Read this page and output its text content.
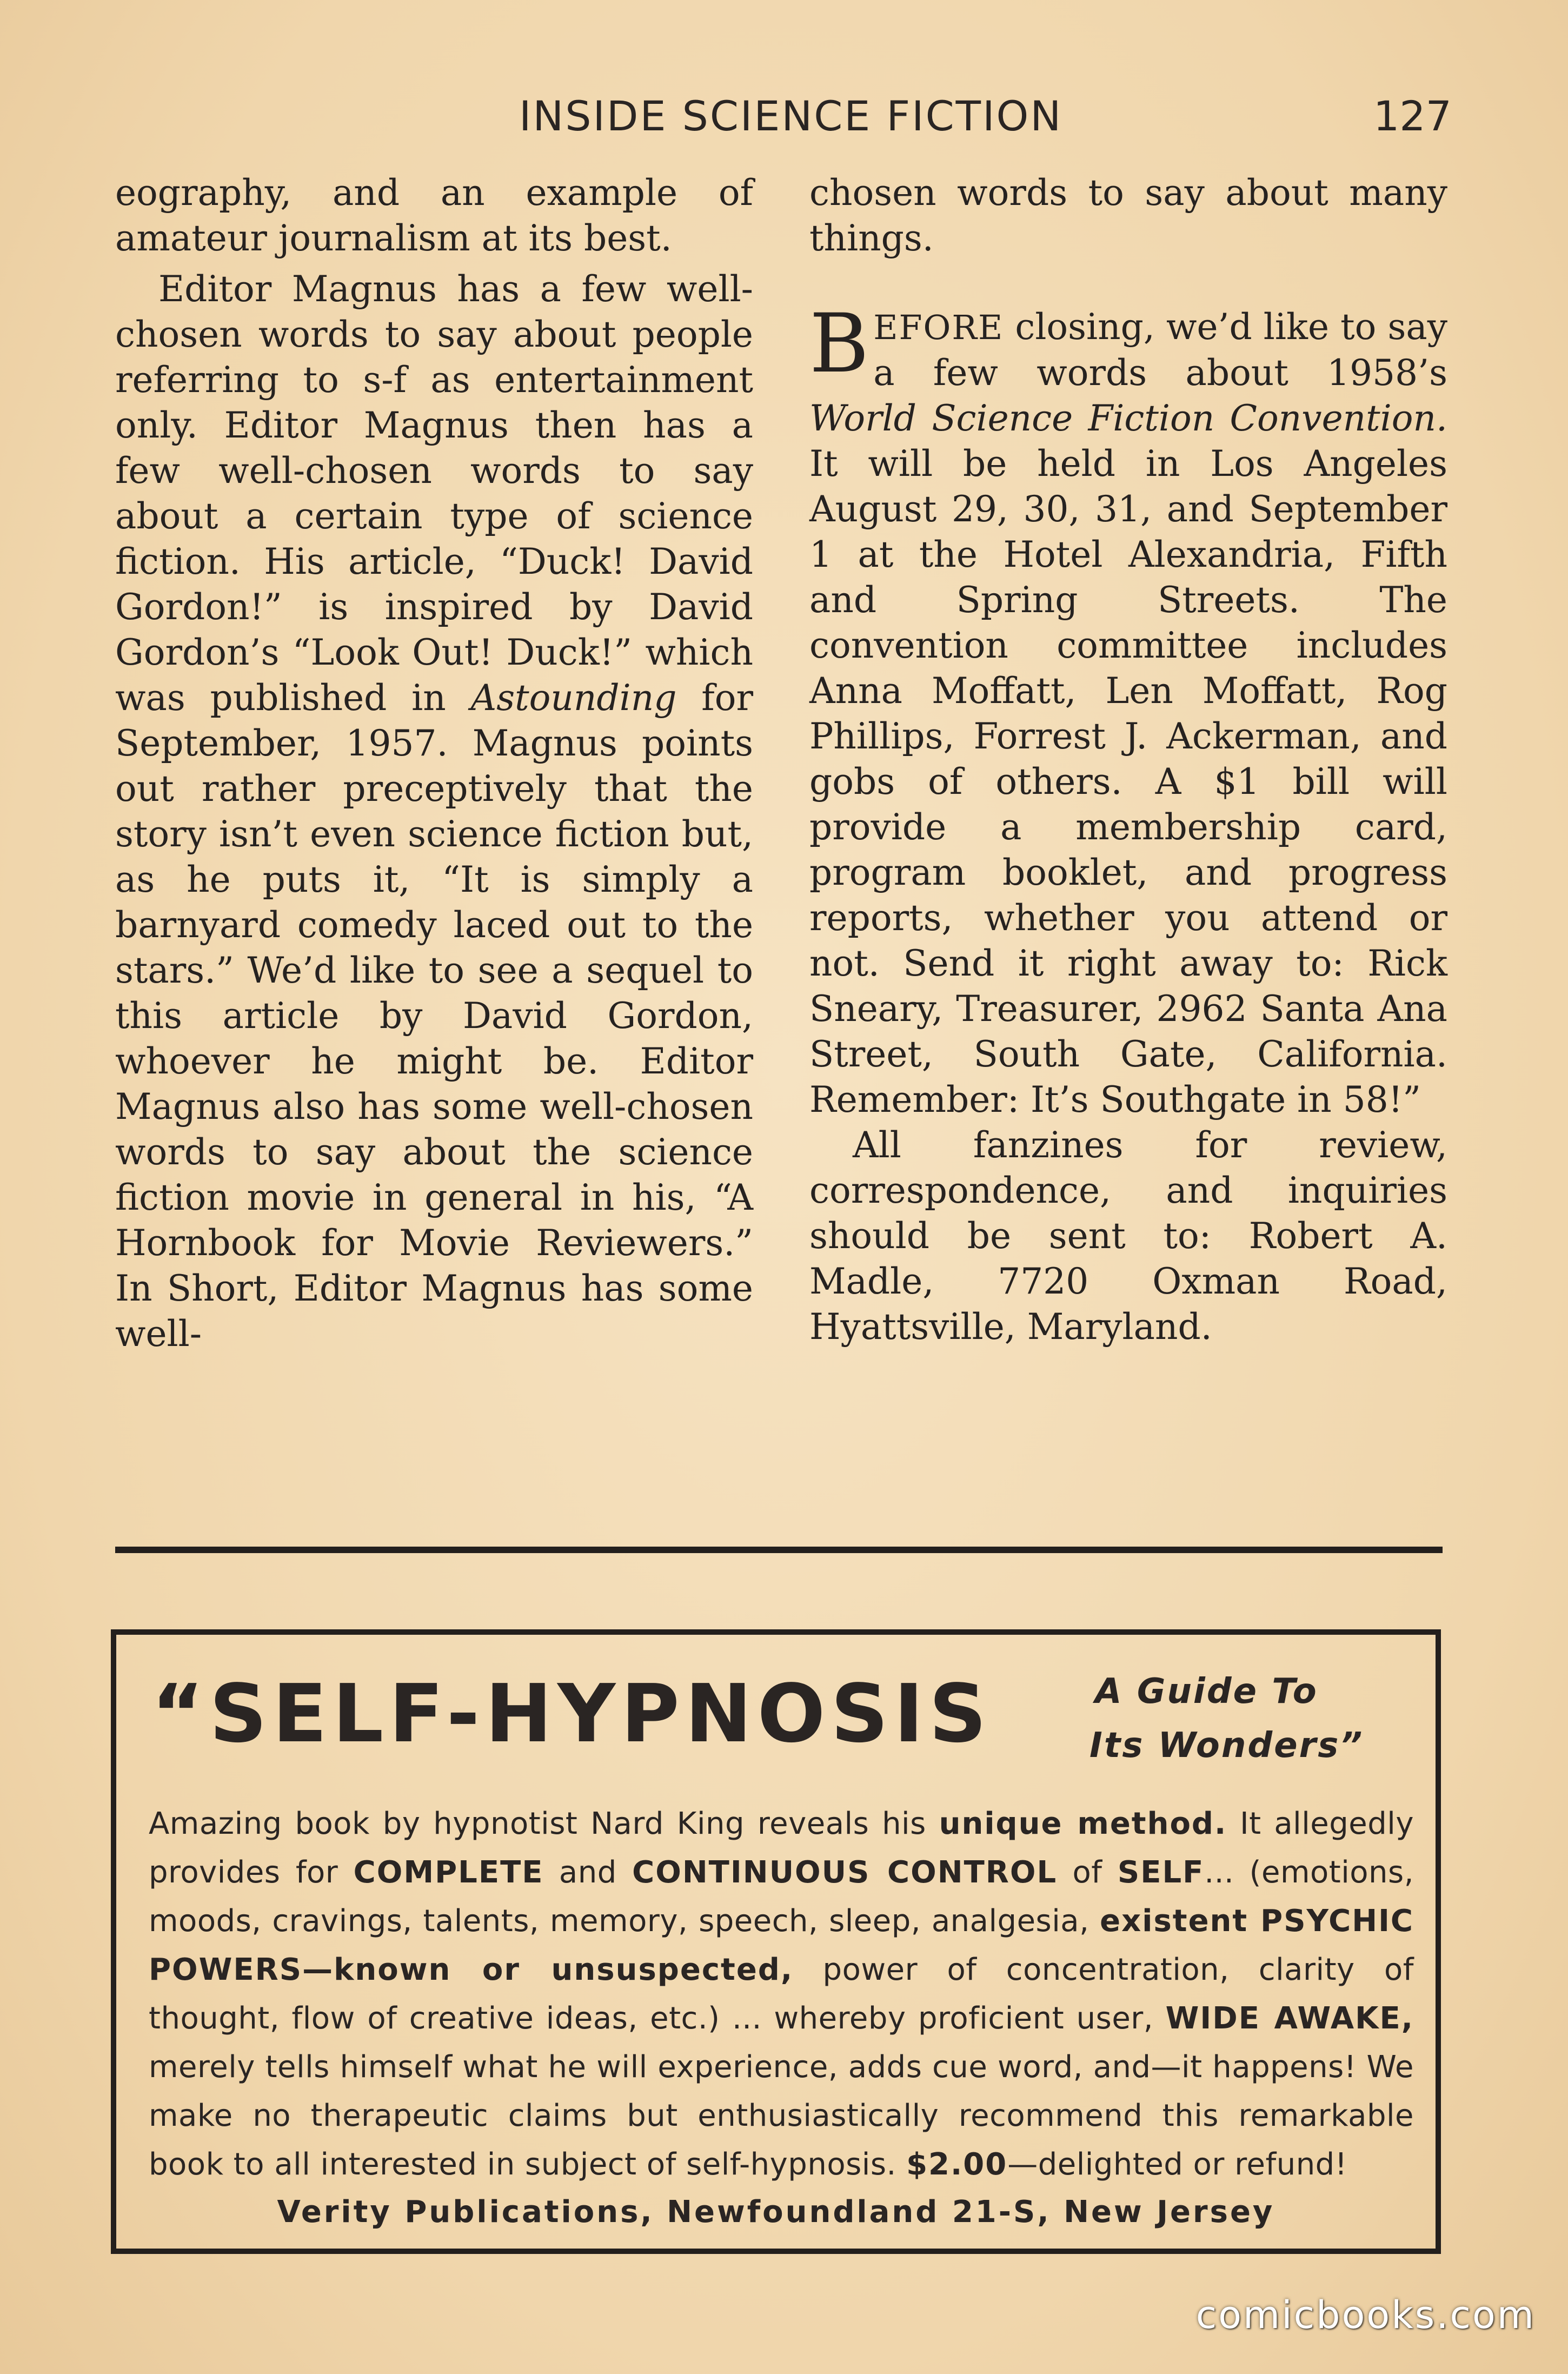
INSIDE SCIENCE FICTION	127

eography, and an example of amateur journalism at its best.

Editor Magnus has a few well-chosen words to say about people referring to s-f as entertainment only. Editor Magnus then has a few well-chosen words to say about a certain type of science fiction. His article, “Duck! David Gordon!” is inspired by David Gordon’s “Look Out! Duck!” which was published in Astounding for September, 1957. Magnus points out rather preceptively that the story isn’t even science fiction but, as he puts it, “It is simply a barnyard comedy laced out to the stars.” We’d like to see a sequel to this article by David Gordon, whoever he might be. Editor Magnus also has some well-chosen words to say about the science fiction movie in general in his, “A Hornbook for Movie Reviewers.” In Short, Editor Magnus has some well-

chosen words to say about many things.

BEFORE closing, we’d like to say a few words about 1958’s World Science Fiction Convention. It will be held in Los Angeles August 29, 30, 31, and September 1 at the Hotel Alexandria, Fifth and Spring Streets. The convention committee includes Anna Moffatt, Len Moffatt, Rog Phillips, Forrest J. Ackerman, and gobs of others. A $1 bill will provide a membership card, program booklet, and progress reports, whether you attend or not. Send it right away to: Rick Sneary, Treasurer, 2962 Santa Ana Street, South Gate, California. Remember: It’s Southgate in 58!”

All fanzines for review, correspondence, and inquiries should be sent to: Robert A. Madle, 7720 Oxman Road, Hyattsville, Maryland.

“SELF-HYPNOSIS	A Guide To
Its Wonders”
Amazing book by hypnotist Nard King reveals his unique method. It allegedly provides for COMPLETE and CONTINUOUS CONTROL of SELF... (emotions, moods, cravings, talents, memory, speech, sleep, analgesia, existent PSYCHIC POWERS—known or unsuspected, power of concentration, clarity of thought, flow of creative ideas, etc.) ... whereby proficient user, WIDE AWAKE, merely tells himself what he will experience, adds cue word, and—it happens! We make no therapeutic claims but enthusiastically recommend this remarkable book to all interested in subject of self-hypnosis. $2.00—delighted or refund!
Verity Publications, Newfoundland 21-S, New Jersey
comicbooks.com
